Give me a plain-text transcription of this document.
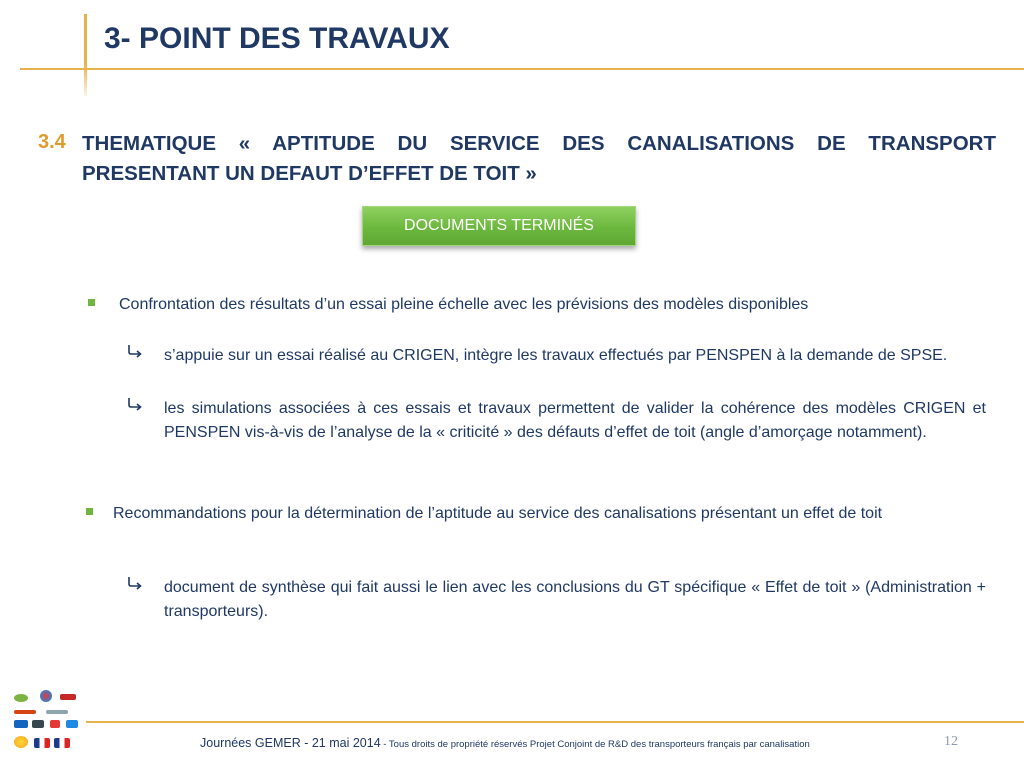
3- POINT DES TRAVAUX
3.4 THEMATIQUE « APTITUDE DU SERVICE DES CANALISATIONS DE TRANSPORT PRESENTANT UN DEFAUT D’EFFET DE TOIT »
DOCUMENTS TERMINÉS
Confrontation des résultats d’un essai pleine échelle avec les prévisions des modèles disponibles
s’appuie sur un essai réalisé au CRIGEN, intègre les travaux effectués par PENSPEN à la demande de SPSE.
les simulations associées à ces essais et travaux permettent de valider la cohérence des modèles CRIGEN et PENSPEN vis-à-vis de l’analyse de la « criticité » des défauts d’effet de toit (angle d’amorçage notamment).
Recommandations pour la détermination de l’aptitude au service des canalisations présentant un effet de toit
document de synthèse qui fait aussi le lien avec les conclusions du GT spécifique « Effet de toit » (Administration + transporteurs).
Journées GEMER - 21 mai 2014 - Tous droits de propriété réservés Projet Conjoint de R&D des transporteurs français par canalisation	12
